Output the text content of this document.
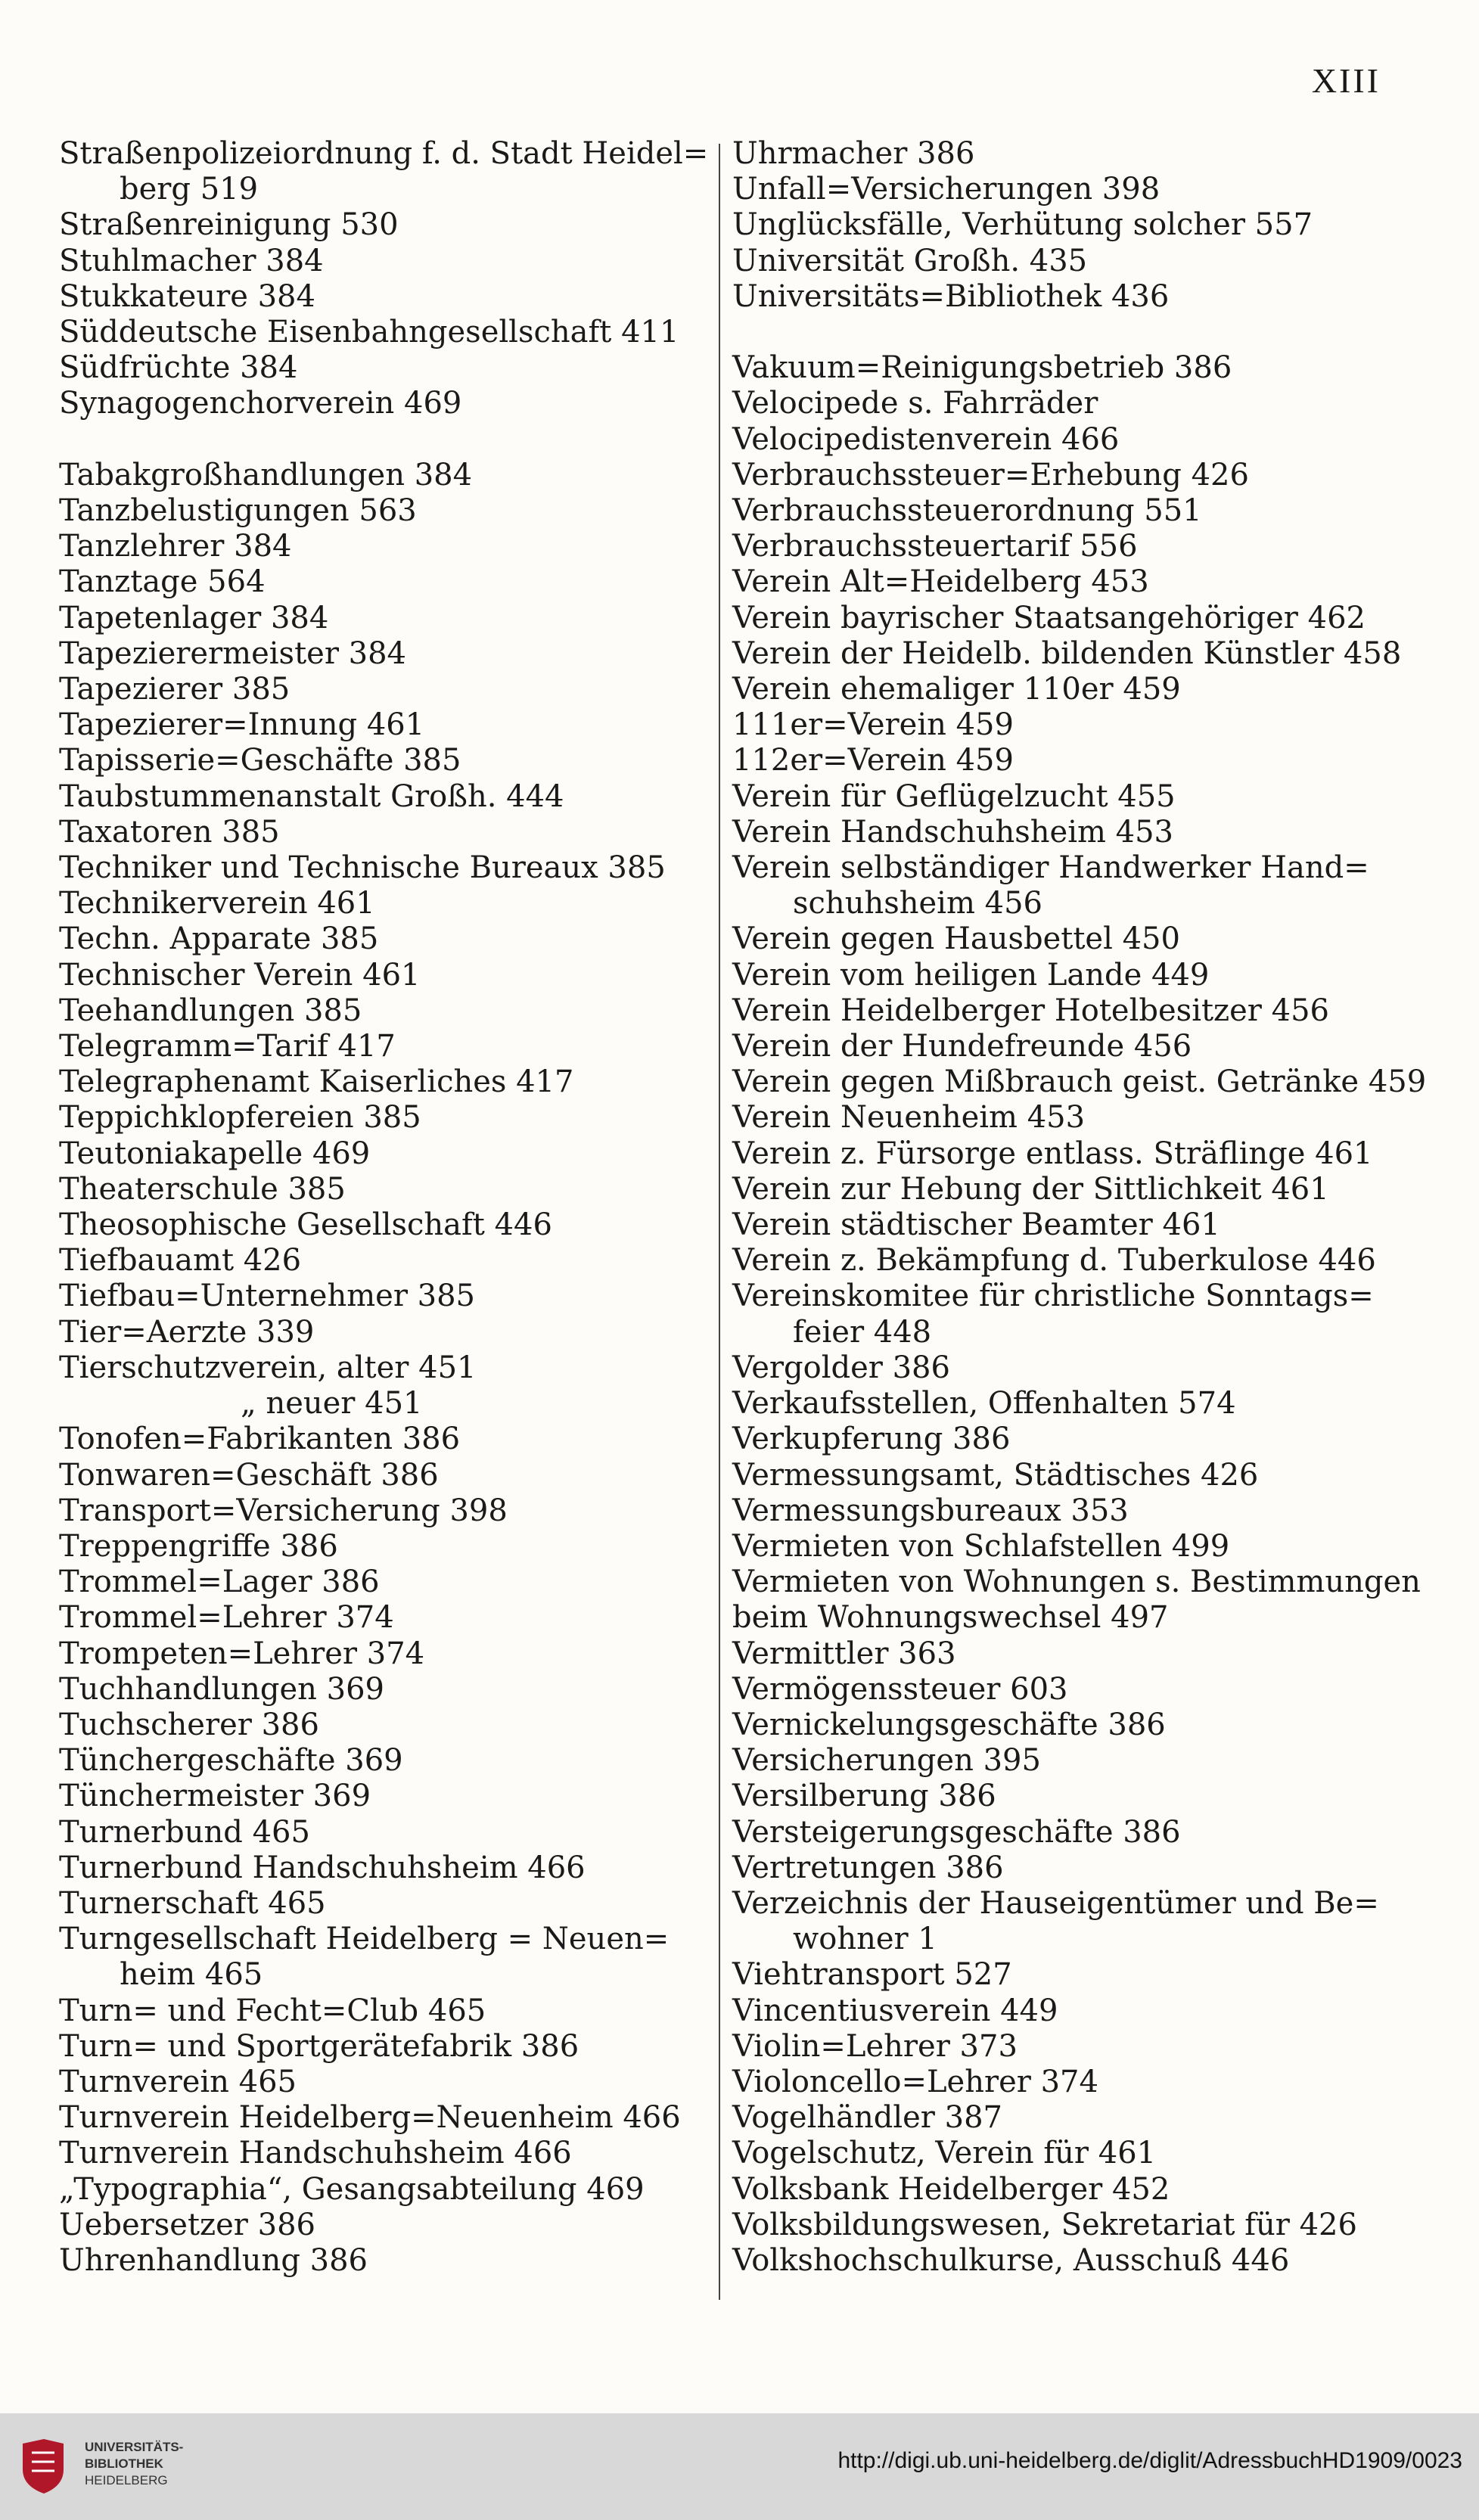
XIII
Straßenpolizeiordnung f. d. Stadt Heidel=
berg 519
Straßenreinigung 530
Stuhlmacher 384
Stukkateure 384
Süddeutsche Eisenbahngesellschaft 411
Südfrüchte 384
Synagogenchorverein 469
Tabakgroßhandlungen 384
Tanzbelustigungen 563
Tanzlehrer 384
Tanztage 564
Tapetenlager 384
Tapezierermeister 384
Tapezierer 385
Tapezierer=Innung 461
Tapisserie=Geschäfte 385
Taubstummenanstalt Großh. 444
Taxatoren 385
Techniker und Technische Bureaux 385
Technikerverein 461
Techn. Apparate 385
Technischer Verein 461
Teehandlungen 385
Telegramm=Tarif 417
Telegraphenamt Kaiserliches 417
Teppichklopfereien 385
Teutoniakapelle 469
Theaterschule 385
Theosophische Gesellschaft 446
Tiefbauamt 426
Tiefbau=Unternehmer 385
Tier=Aerzte 339
Tierschutzverein, alter 451
„ neuer 451
Tonofen=Fabrikanten 386
Tonwaren=Geschäft 386
Transport=Versicherung 398
Treppengriffe 386
Trommel=Lager 386
Trommel=Lehrer 374
Trompeten=Lehrer 374
Tuchhandlungen 369
Tuchscherer 386
Tünchergeschäfte 369
Tünchermeister 369
Turnerbund 465
Turnerbund Handschuhsheim 466
Turnerschaft 465
Turngesellschaft Heidelberg = Neuen=
heim 465
Turn= und Fecht=Club 465
Turn= und Sportgerätefabrik 386
Turnverein 465
Turnverein Heidelberg=Neuenheim 466
Turnverein Handschuhsheim 466
„Typographia“, Gesangsabteilung 469
Uebersetzer 386
Uhrenhandlung 386
Uhrmacher 386
Unfall=Versicherungen 398
Unglücksfälle, Verhütung solcher 557
Universität Großh. 435
Universitäts=Bibliothek 436
Vakuum=Reinigungsbetrieb 386
Velocipede s. Fahrräder
Velocipedistenverein 466
Verbrauchssteuer=Erhebung 426
Verbrauchssteuerordnung 551
Verbrauchssteuertarif 556
Verein Alt=Heidelberg 453
Verein bayrischer Staatsangehöriger 462
Verein der Heidelb. bildenden Künstler 458
Verein ehemaliger 110er 459
111er=Verein 459
112er=Verein 459
Verein für Geflügelzucht 455
Verein Handschuhsheim 453
Verein selbständiger Handwerker Hand=
schuhsheim 456
Verein gegen Hausbettel 450
Verein vom heiligen Lande 449
Verein Heidelberger Hotelbesitzer 456
Verein der Hundefreunde 456
Verein gegen Mißbrauch geist. Getränke 459
Verein Neuenheim 453
Verein z. Fürsorge entlass. Sträflinge 461
Verein zur Hebung der Sittlichkeit 461
Verein städtischer Beamter 461
Verein z. Bekämpfung d. Tuberkulose 446
Vereinskomitee für christliche Sonntags=
feier 448
Vergolder 386
Verkaufsstellen, Offenhalten 574
Verkupferung 386
Vermessungsamt, Städtisches 426
Vermessungsbureaux 353
Vermieten von Schlafstellen 499
Vermieten von Wohnungen s. Bestimmungen
beim Wohnungswechsel 497
Vermittler 363
Vermögenssteuer 603
Vernickelungsgeschäfte 386
Versicherungen 395
Versilberung 386
Versteigerungsgeschäfte 386
Vertretungen 386
Verzeichnis der Hauseigentümer und Be=
wohner 1
Viehtransport 527
Vincentiusverein 449
Violin=Lehrer 373
Violoncello=Lehrer 374
Vogelhändler 387
Vogelschutz, Verein für 461
Volksbank Heidelberger 452
Volksbildungswesen, Sekretariat für 426
Volkshochschulkurse, Ausschuß 446
UNIVERSITÄTS-
BIBLIOTHEK
HEIDELBERG
http://digi.ub.uni-heidelberg.de/diglit/AdressbuchHD1909/0023
